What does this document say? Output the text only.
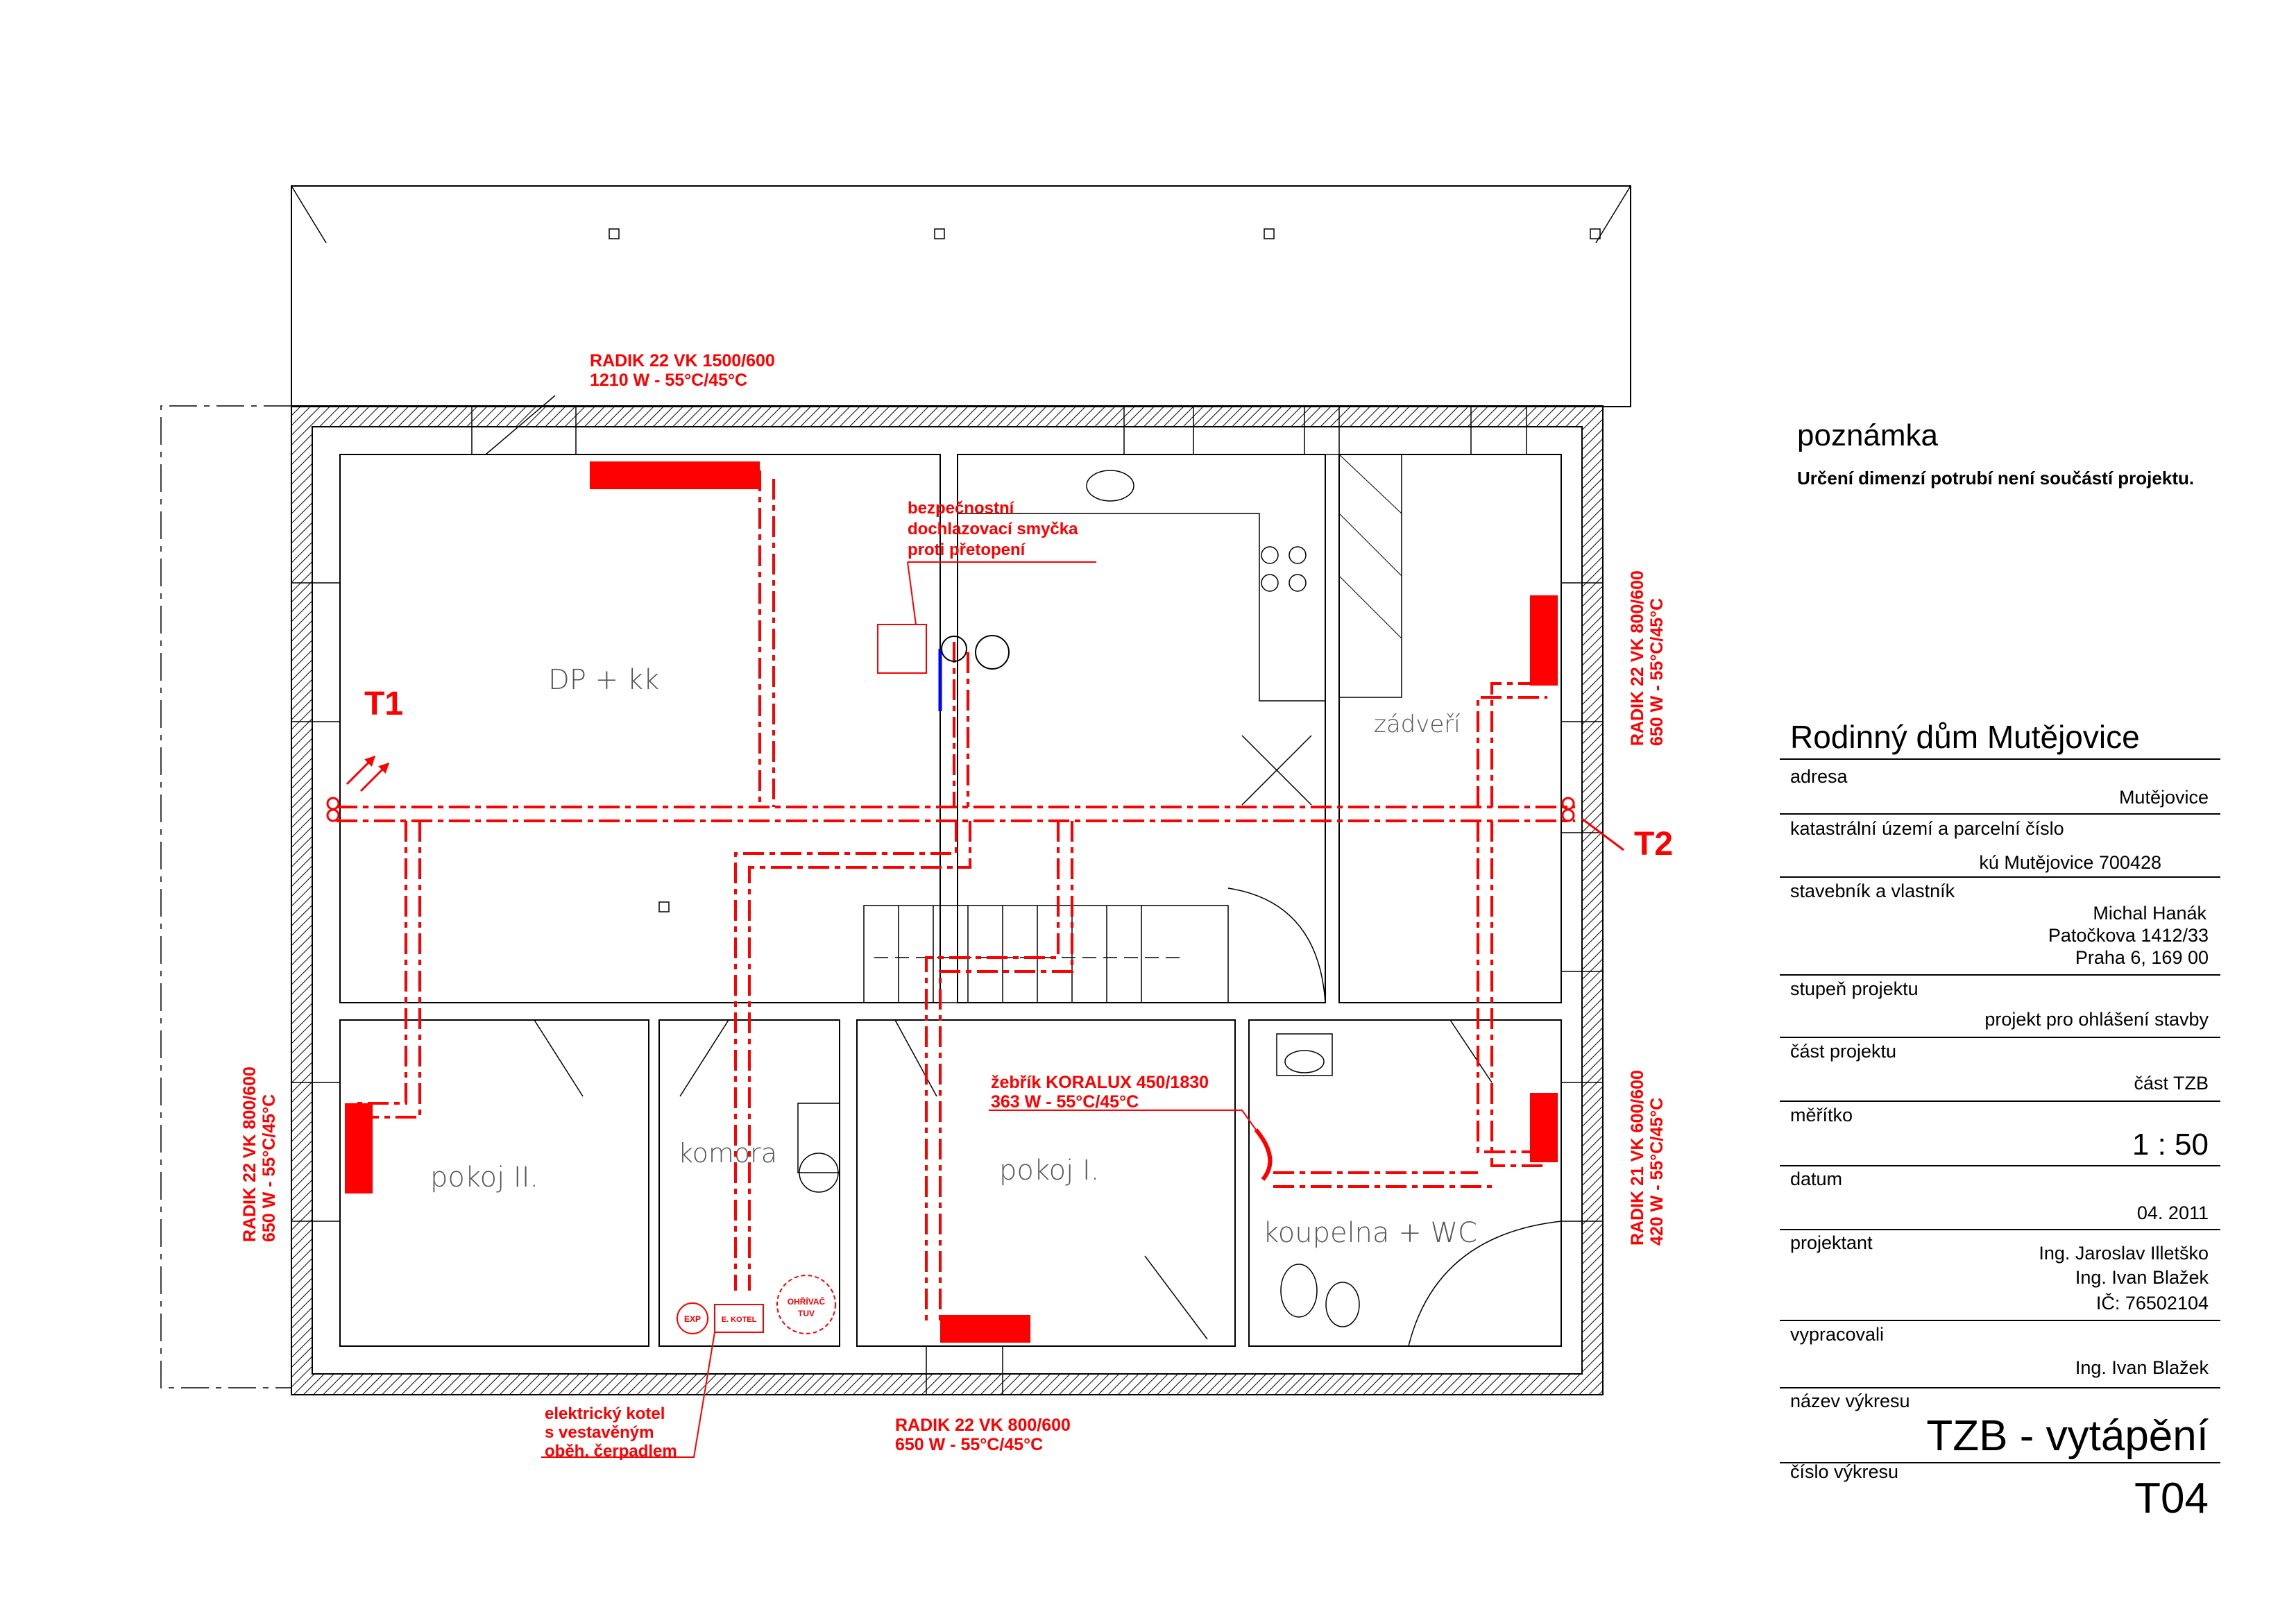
DP + kk
zádveří
pokoj II.
komora
pokoj I.
koupelna + WC
EXP	E. KOTEL
OHŘÍVAČ
TUV
RADIK 22 VK 1500/600
1210 W - 55°C/45°C
bezpečnostní
dochlazovací smyčka
proti přetopení
T1
T2
RADIK 22 VK 800/600 650 W - 55°C/45°C
RADIK 22 VK 800/600 650 W - 55°C/45°C
žebřík KORALUX 450/1830
363 W - 55°C/45°C	RADIK 21 VK 600/600 420 W - 55°C/45°C
RADIK 22 VK 800/600
650 W - 55°C/45°C
elektrický kotel
s vestavěným
oběh. čerpadlem
poznámka
Určení dimenzí potrubí není součástí projektu.
Rodinný dům Mutějovice
adresa
Mutějovice
katastrální území a parcelní číslo
kú Mutějovice 700428
stavebník a vlastník
Michal Hanák
Patočkova 1412/33
Praha 6, 169 00
stupeň projektu
projekt pro ohlášení stavby
část projektu
část TZB
měřítko
1 : 50
datum
04. 2011
projektant	Ing. Jaroslav Illetško
Ing. Ivan Blažek
IČ: 76502104
vypracovali
Ing. Ivan Blažek
název výkresu
TZB - vytápění
číslo výkresu
T04
